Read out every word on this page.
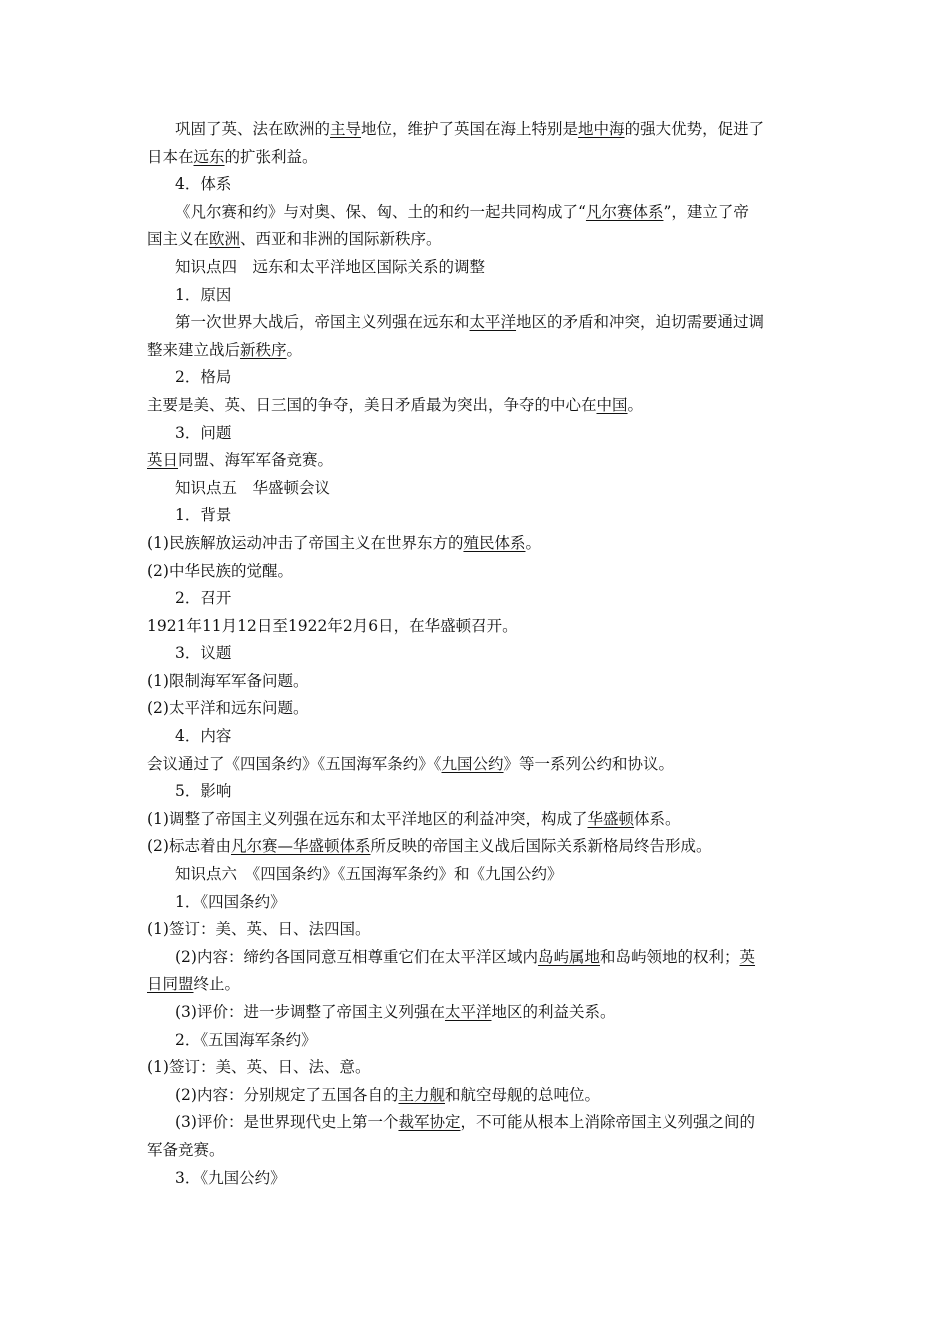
巩固了英、法在欧洲的主导地位，维护了英国在海上特别是地中海的强大优势，促进了
日本在远东的扩张利益。
4．体系
《凡尔赛和约》与对奥、保、匈、土的和约一起共同构成了“凡尔赛体系”，建立了帝
国主义在欧洲、西亚和非洲的国际新秩序。
知识点四　远东和太平洋地区国际关系的调整
1．原因
第一次世界大战后，帝国主义列强在远东和太平洋地区的矛盾和冲突，迫切需要通过调
整来建立战后新秩序。
2．格局
主要是美、英、日三国的争夺，美日矛盾最为突出，争夺的中心在中国。
3．问题
英日同盟、海军军备竞赛。
知识点五　华盛顿会议
1．背景
(1)民族解放运动冲击了帝国主义在世界东方的殖民体系。
(2)中华民族的觉醒。
2．召开
1921年11月12日至1922年2月6日，在华盛顿召开。
3．议题
(1)限制海军军备问题。
(2)太平洋和远东问题。
4．内容
会议通过了《四国条约》《五国海军条约》《九国公约》等一系列公约和协议。
5．影响
(1)调整了帝国主义列强在远东和太平洋地区的利益冲突，构成了华盛顿体系。
(2)标志着由凡尔赛—华盛顿体系所反映的帝国主义战后国际关系新格局终告形成。
知识点六　《四国条约》《五国海军条约》和《九国公约》
1．《四国条约》
(1)签订：美、英、日、法四国。
(2)内容：缔约各国同意互相尊重它们在太平洋区域内岛屿属地和岛屿领地的权利；英
日同盟终止。
(3)评价：进一步调整了帝国主义列强在太平洋地区的利益关系。
2．《五国海军条约》
(1)签订：美、英、日、法、意。
(2)内容：分别规定了五国各自的主力舰和航空母舰的总吨位。
(3)评价：是世界现代史上第一个裁军协定，不可能从根本上消除帝国主义列强之间的
军备竞赛。
3．《九国公约》
